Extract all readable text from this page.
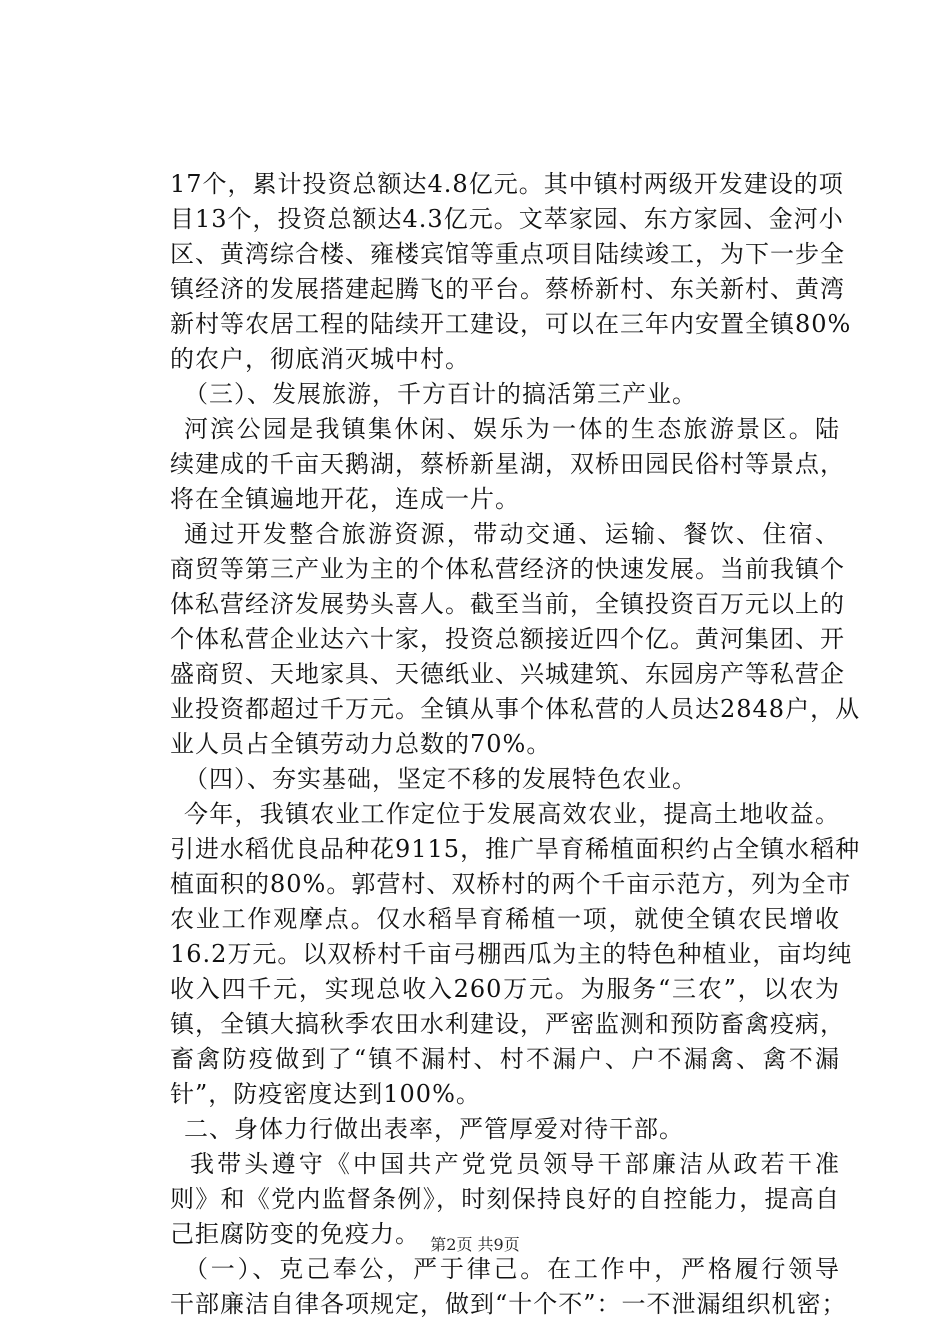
17个，累计投资总额达4.8亿元。其中镇村两级开发建设的项
目13个，投资总额达4.3亿元。文萃家园、东方家园、金河小
区、黄湾综合楼、雍楼宾馆等重点项目陆续竣工，为下一步全
镇经济的发展搭建起腾飞的平台。蔡桥新村、东关新村、黄湾
新村等农居工程的陆续开工建设，可以在三年内安置全镇80%
的农户，彻底消灭城中村。
（三）、发展旅游，千方百计的搞活第三产业。
河滨公园是我镇集休闲、娱乐为一体的生态旅游景区。陆
续建成的千亩天鹅湖，蔡桥新星湖，双桥田园民俗村等景点，
将在全镇遍地开花，连成一片。
通过开发整合旅游资源，带动交通、运输、餐饮、住宿、
商贸等第三产业为主的个体私营经济的快速发展。当前我镇个
体私营经济发展势头喜人。截至当前，全镇投资百万元以上的
个体私营企业达六十家，投资总额接近四个亿。黄河集团、开
盛商贸、天地家具、天德纸业、兴城建筑、东园房产等私营企
业投资都超过千万元。全镇从事个体私营的人员达2848户，从
业人员占全镇劳动力总数的70%。
（四）、夯实基础，坚定不移的发展特色农业。
今年，我镇农业工作定位于发展高效农业，提高土地收益。
引进水稻优良品种花9115，推广旱育稀植面积约占全镇水稻种
植面积的80%。郭营村、双桥村的两个千亩示范方，列为全市
农业工作观摩点。仅水稻旱育稀植一项，就使全镇农民增收
16.2万元。以双桥村千亩弓棚西瓜为主的特色种植业，亩均纯
收入四千元，实现总收入260万元。为服务“三农”，以农为
镇，全镇大搞秋季农田水利建设，严密监测和预防畜禽疫病，
畜禽防疫做到了“镇不漏村、村不漏户、户不漏禽、禽不漏
针”，防疫密度达到100%。
二、身体力行做出表率，严管厚爱对待干部。
我带头遵守《中国共产党党员领导干部廉洁从政若干准
则》和《党内监督条例》，时刻保持良好的自控能力，提高自
己拒腐防变的免疫力。
（一）、克己奉公，严于律己。在工作中，严格履行领导
干部廉洁自律各项规定，做到“十个不”：一不泄漏组织机密；
第2页 共9页
